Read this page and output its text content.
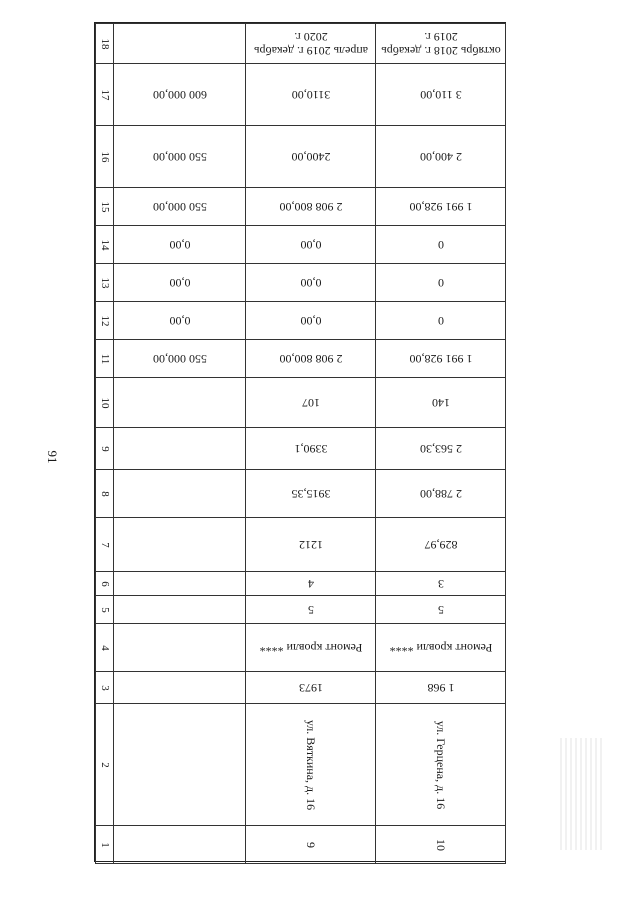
91
18		апрель 2019 г. декабрь 2020 г.	октябрь 2018 г. декабрь 2019 г.

17	600 000,00	3110,00	3 110,00

16	550 000,00	2400,00	2 400,00

15	550 000,00	2 908 800,00	1 991 928,00

14	0,00	0,00	0

13	0,00	0,00	0

12	0,00	0,00	0

11	550 000,00	2 908 800,00	1 991 928,00

10		107	140

9		3390,1	2 563,30

8		3915,35	2 788,00

7		1212	829,97

6		4	3

5		5	5

4		Ремонт кровли ****	Ремонт кровли ****

3		1973	1 968

2		ул. Вяткина, д. 16	ул. Герцена, д. 16

1		9	10
